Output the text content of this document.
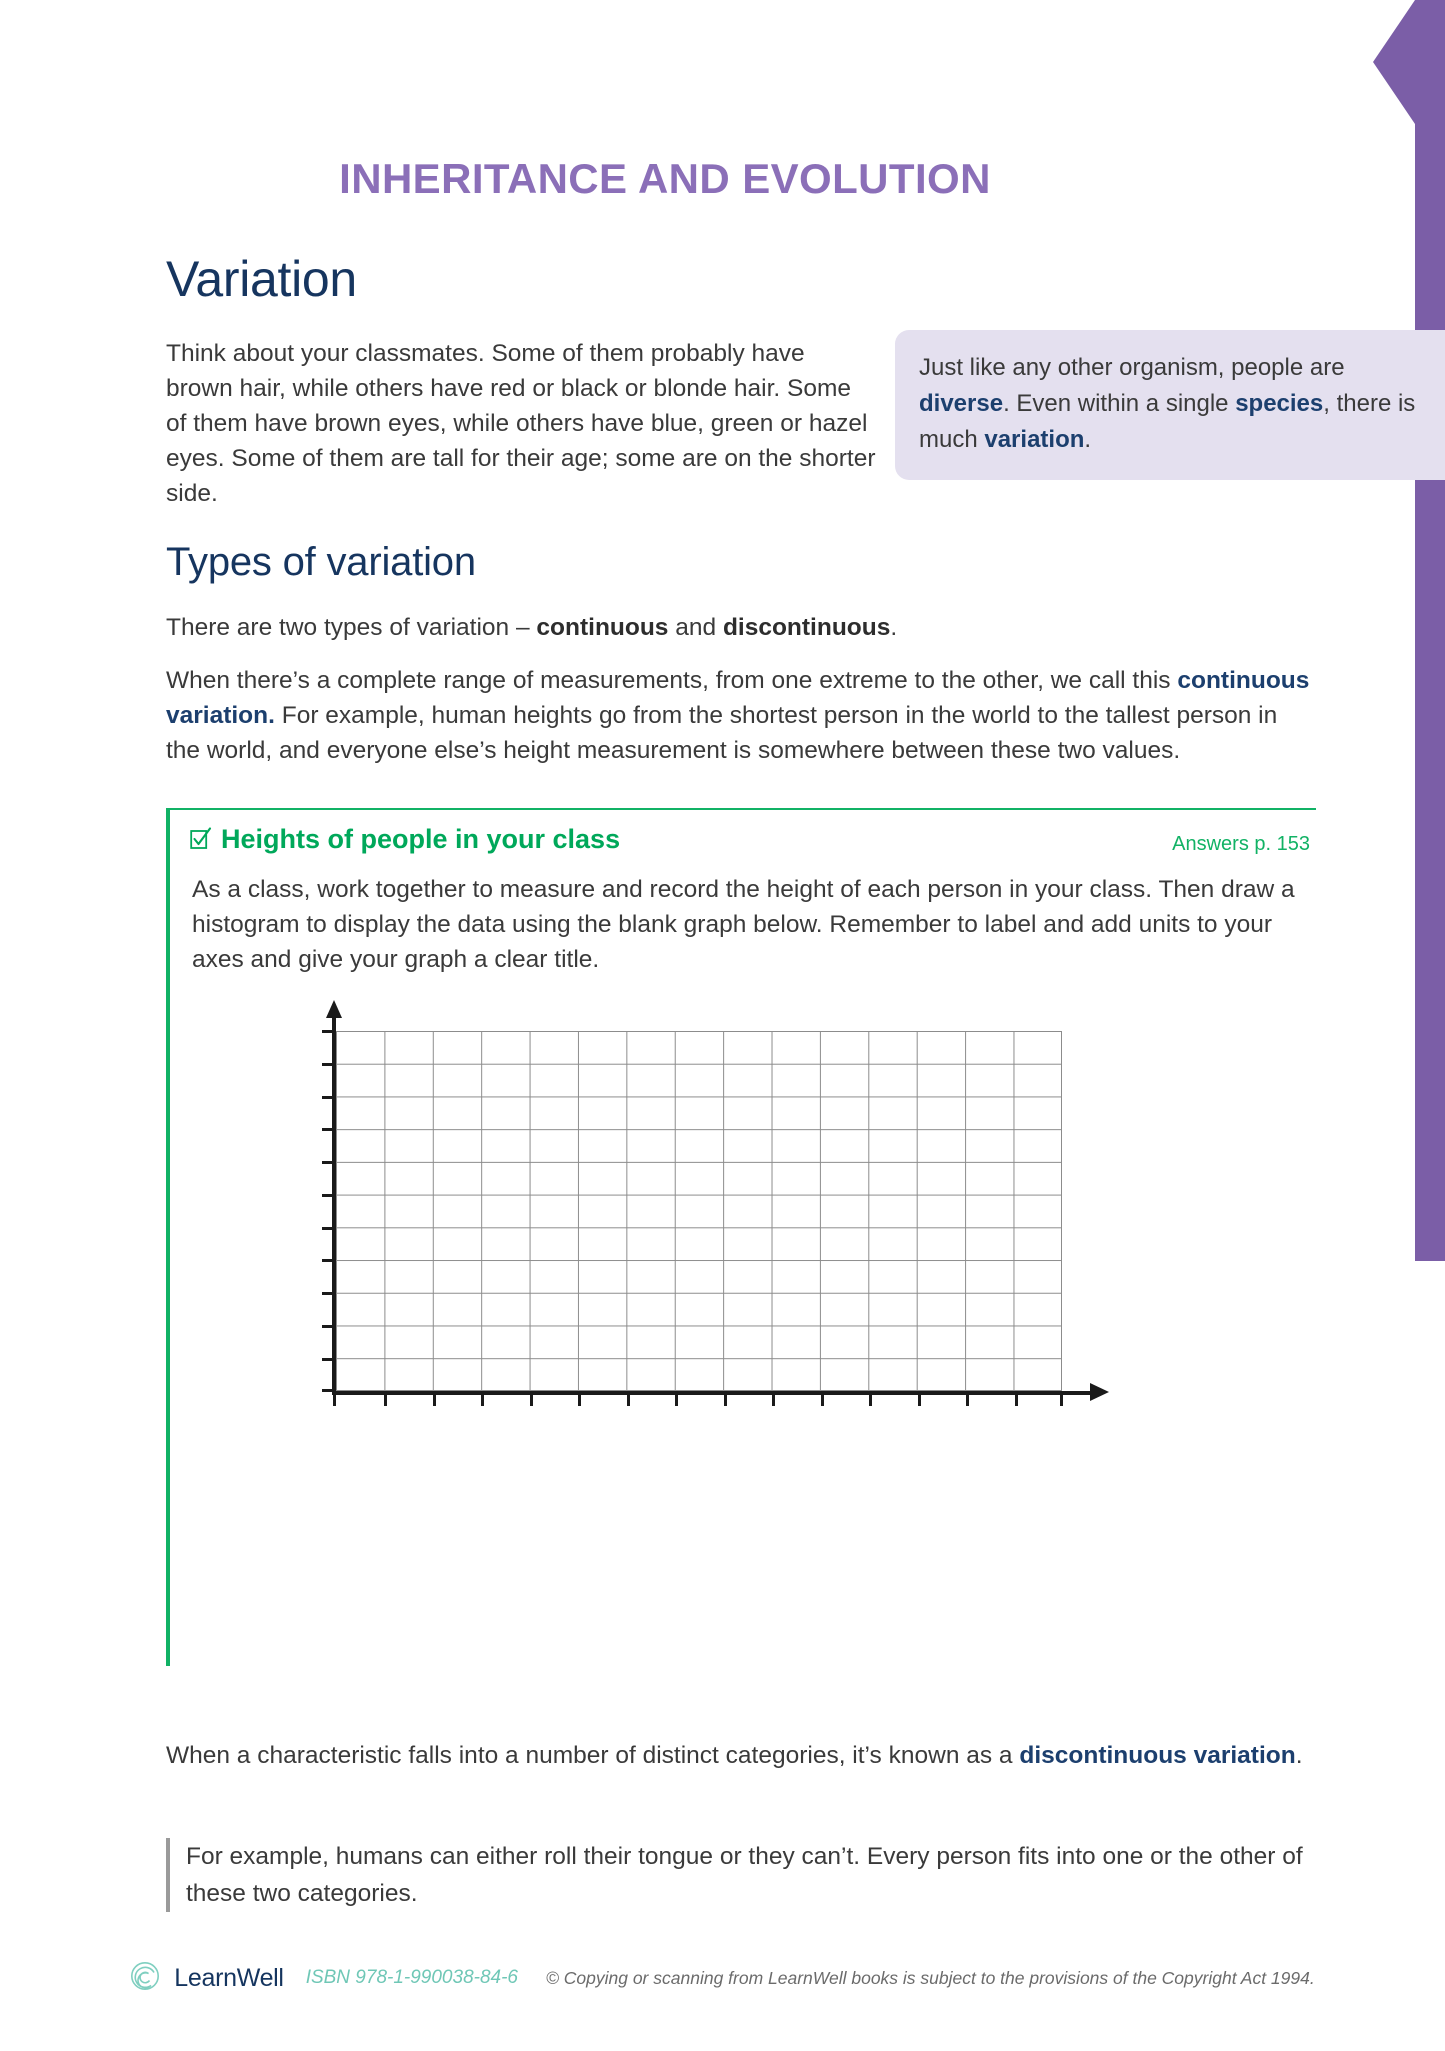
INHERITANCE AND EVOLUTION
Variation

Think about your classmates. Some of them probably have brown hair, while others have red or black or blonde hair. Some of them have brown eyes, while others have blue, green or hazel eyes. Some of them are tall for their age; some are on the shorter side.

Just like any other organism, people are diverse. Even within a single species, there is much variation.

Types of variation

There are two types of variation – continuous and discontinuous.

When there’s a complete range of measurements, from one extreme to the other, we call this continuous variation. For example, human heights go from the shortest person in the world to the tallest person in the world, and everyone else’s height measurement is somewhere between these two values.

Heights of people in your class	Answers p. 153

As a class, work together to measure and record the height of each person in your class. Then draw a histogram to display the data using the blank graph below. Remember to label and add units to your axes and give your graph a clear title.

When a characteristic falls into a number of distinct categories, it’s known as a discontinuous variation.

For example, humans can either roll their tongue or they can’t. Every person fits into one or the other of these two categories.

LearnWell ISBN 978-1-990038-84-6 © Copying or scanning from LearnWell books is subject to the provisions of the Copyright Act 1994.
